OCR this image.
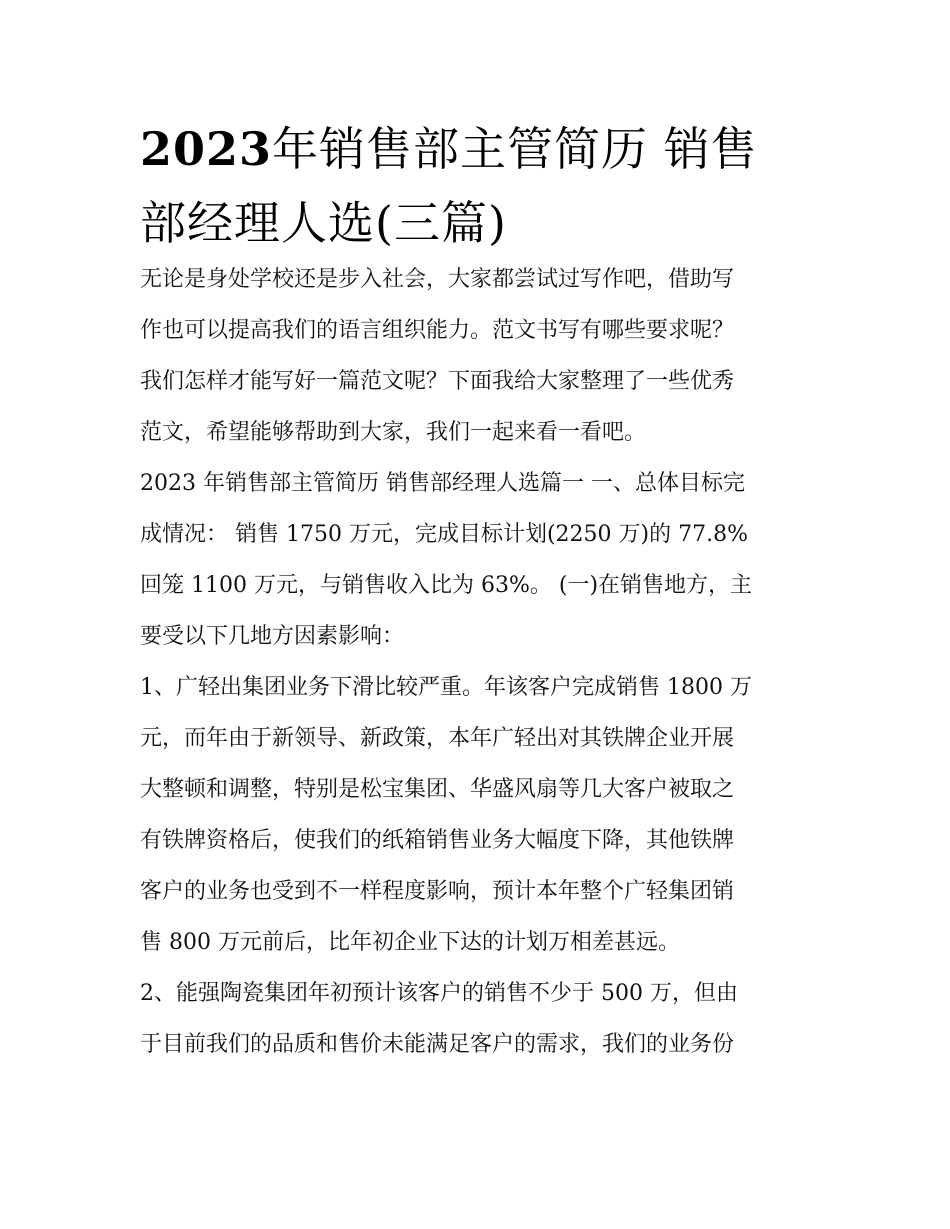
2023年销售部主管简历 销售
部经理人选(三篇)
无论是身处学校还是步入社会，大家都尝试过写作吧，借助写
作也可以提高我们的语言组织能力。范文书写有哪些要求呢？
我们怎样才能写好一篇范文呢？下面我给大家整理了一些优秀
范文，希望能够帮助到大家，我们一起来看一看吧。
2023 年销售部主管简历 销售部经理人选篇一 一、总体目标完
成情况： 销售 1750 万元，完成目标计划(2250 万)的 77.8%
回笼 1100 万元，与销售收入比为 63%。 (一)在销售地方，主
要受以下几地方因素影响：
1、广轻出集团业务下滑比较严重。年该客户完成销售 1800 万
元，而年由于新领导、新政策，本年广轻出对其铁牌企业开展
大整顿和调整，特别是松宝集团、华盛风扇等几大客户被取之
有铁牌资格后，使我们的纸箱销售业务大幅度下降，其他铁牌
客户的业务也受到不一样程度影响，预计本年整个广轻集团销
售 800 万元前后，比年初企业下达的计划万相差甚远。
2、能强陶瓷集团年初预计该客户的销售不少于 500 万，但由
于目前我们的品质和售价未能满足客户的需求，我们的业务份
